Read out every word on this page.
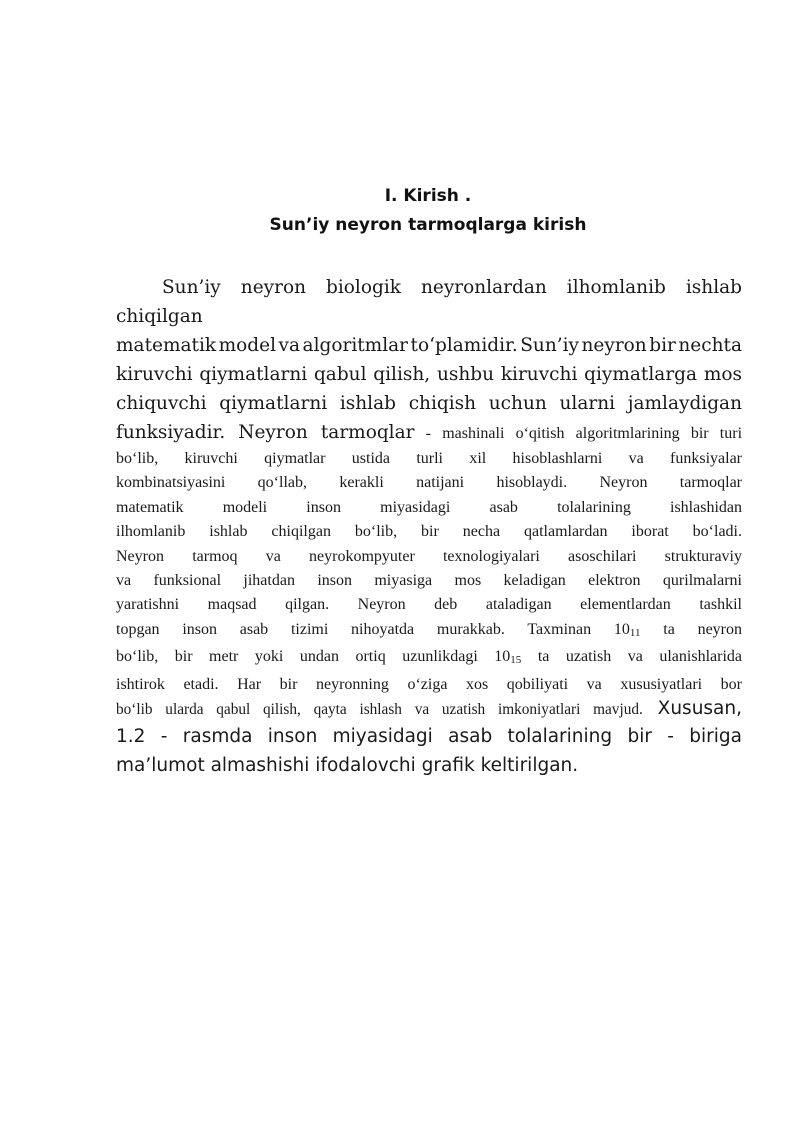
I. Kirish .
Sun’iy neyron tarmoqlarga kirish
Sun’iy neyron biologik neyronlardan ilhomlanib ishlab
chiqilgan
matematik model va algoritmlar to‘plamidir. Sun’iy neyron bir nechta
kiruvchi qiymatlarni qabul qilish, ushbu kiruvchi qiymatlarga mos
chiquvchi qiymatlarni ishlab chiqish uchun ularni jamlaydigan
funksiyadir. Neyron tarmoqlar - mashinali o‘qitish algoritmlarining bir turi
bo‘lib, kiruvchi qiymatlar ustida turli xil hisoblashlarni va funksiyalar
kombinatsiyasini qo‘llab, kerakli natijani hisoblaydi. Neyron tarmoqlar
matematik modeli inson miyasidagi asab tolalarining ishlashidan
ilhomlanib ishlab chiqilgan bo‘lib, bir necha qatlamlardan iborat bo‘ladi.
Neyron tarmoq va neyrokompyuter texnologiyalari asoschilari strukturaviy
va funksional jihatdan inson miyasiga mos keladigan elektron qurilmalarni
yaratishni maqsad qilgan. Neyron deb ataladigan elementlardan tashkil
topgan inson asab tizimi nihoyatda murakkab. Taxminan 1011 ta neyron
bo‘lib, bir metr yoki undan ortiq uzunlikdagi 1015 ta uzatish va ulanishlarida
ishtirok etadi. Har bir neyronning o‘ziga xos qobiliyati va xususiyatlari bor
bo‘lib ularda qabul qilish, qayta ishlash va uzatish imkoniyatlari mavjud. Xususan,
1.2 - rasmda inson miyasidagi asab tolalarining bir - biriga
ma’lumot almashishi ifodalovchi grafik keltirilgan.
